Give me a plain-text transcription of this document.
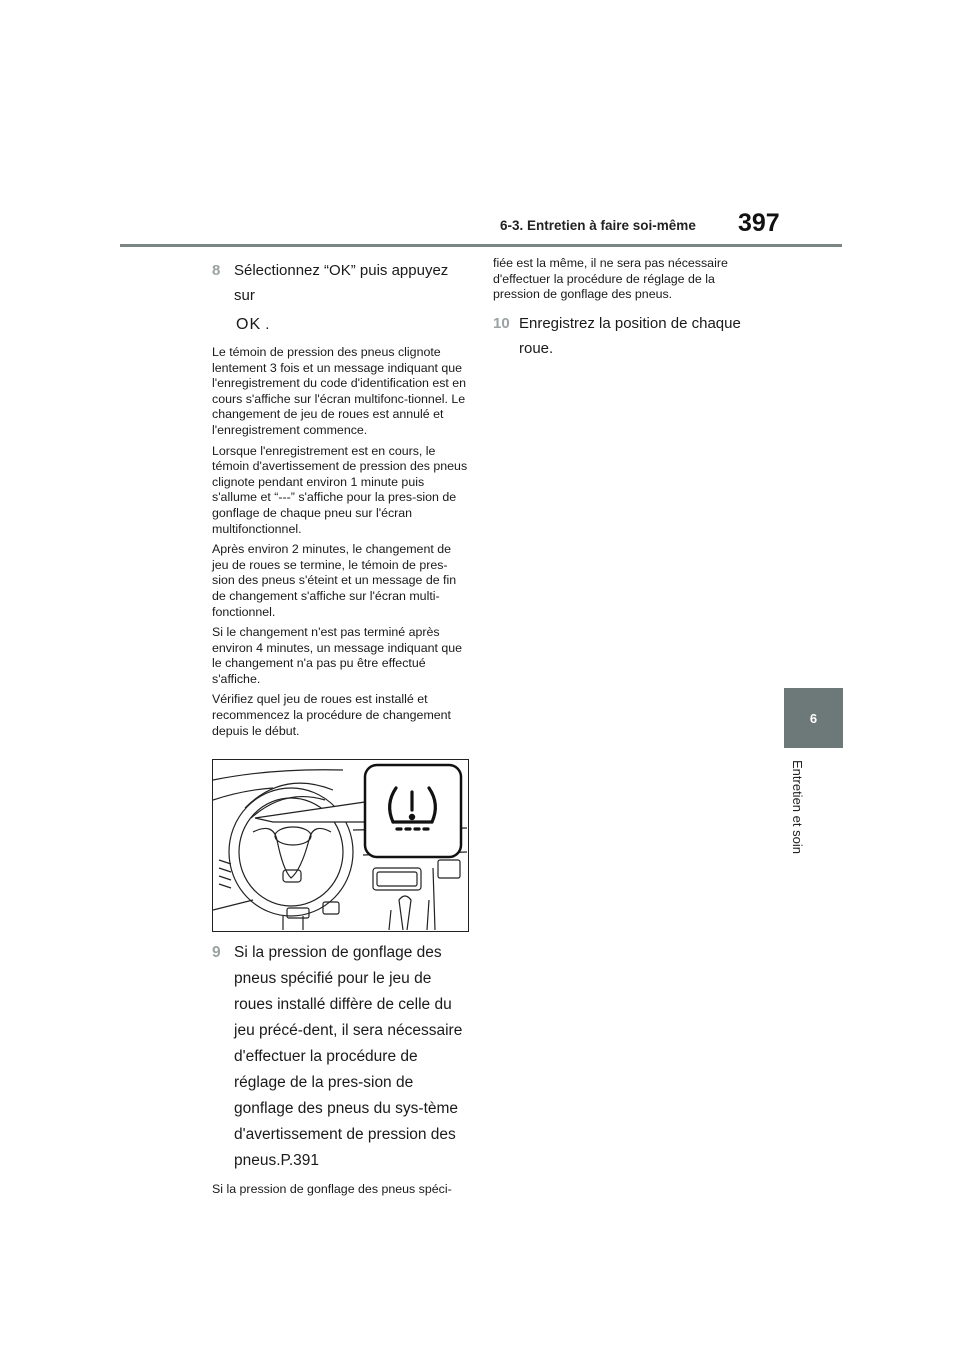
6-3. Entretien à faire soi-même 397
6
Entretien et soin
8 Sélectionnez “OK” puis appuyez sur
OK .

Le témoin de pression des pneus clignote lentement 3 fois et un message indiquant que l'enregistrement du code d'identification est en cours s'affiche sur l'écran multifonc-tionnel. Le changement de jeu de roues est annulé et l'enregistrement commence.

Lorsque l'enregistrement est en cours, le témoin d'avertissement de pression des pneus clignote pendant environ 1 minute puis s'allume et “---” s'affiche pour la pres-sion de gonflage de chaque pneu sur l'écran multifonctionnel.

Après environ 2 minutes, le changement de jeu de roues se termine, le témoin de pres-sion des pneus s'éteint et un message de fin de changement s'affiche sur l'écran multi-fonctionnel.

Si le changement n'est pas terminé après environ 4 minutes, un message indiquant que le changement n'a pas pu être effectué s'affiche.

Vérifiez quel jeu de roues est installé et recommencez la procédure de changement depuis le début.

9 Si la pression de gonflage des pneus spécifié pour le jeu de roues installé diffère de celle du jeu précé-dent, il sera nécessaire d'effectuer la procédure de réglage de la pres-sion de gonflage des pneus du sys-tème d'avertissement de pression des pneus.P.391

Si la pression de gonflage des pneus spéci-

fiée est la même, il ne sera pas nécessaire d'effectuer la procédure de réglage de la pression de gonflage des pneus.

10 Enregistrez la position de chaque roue.
